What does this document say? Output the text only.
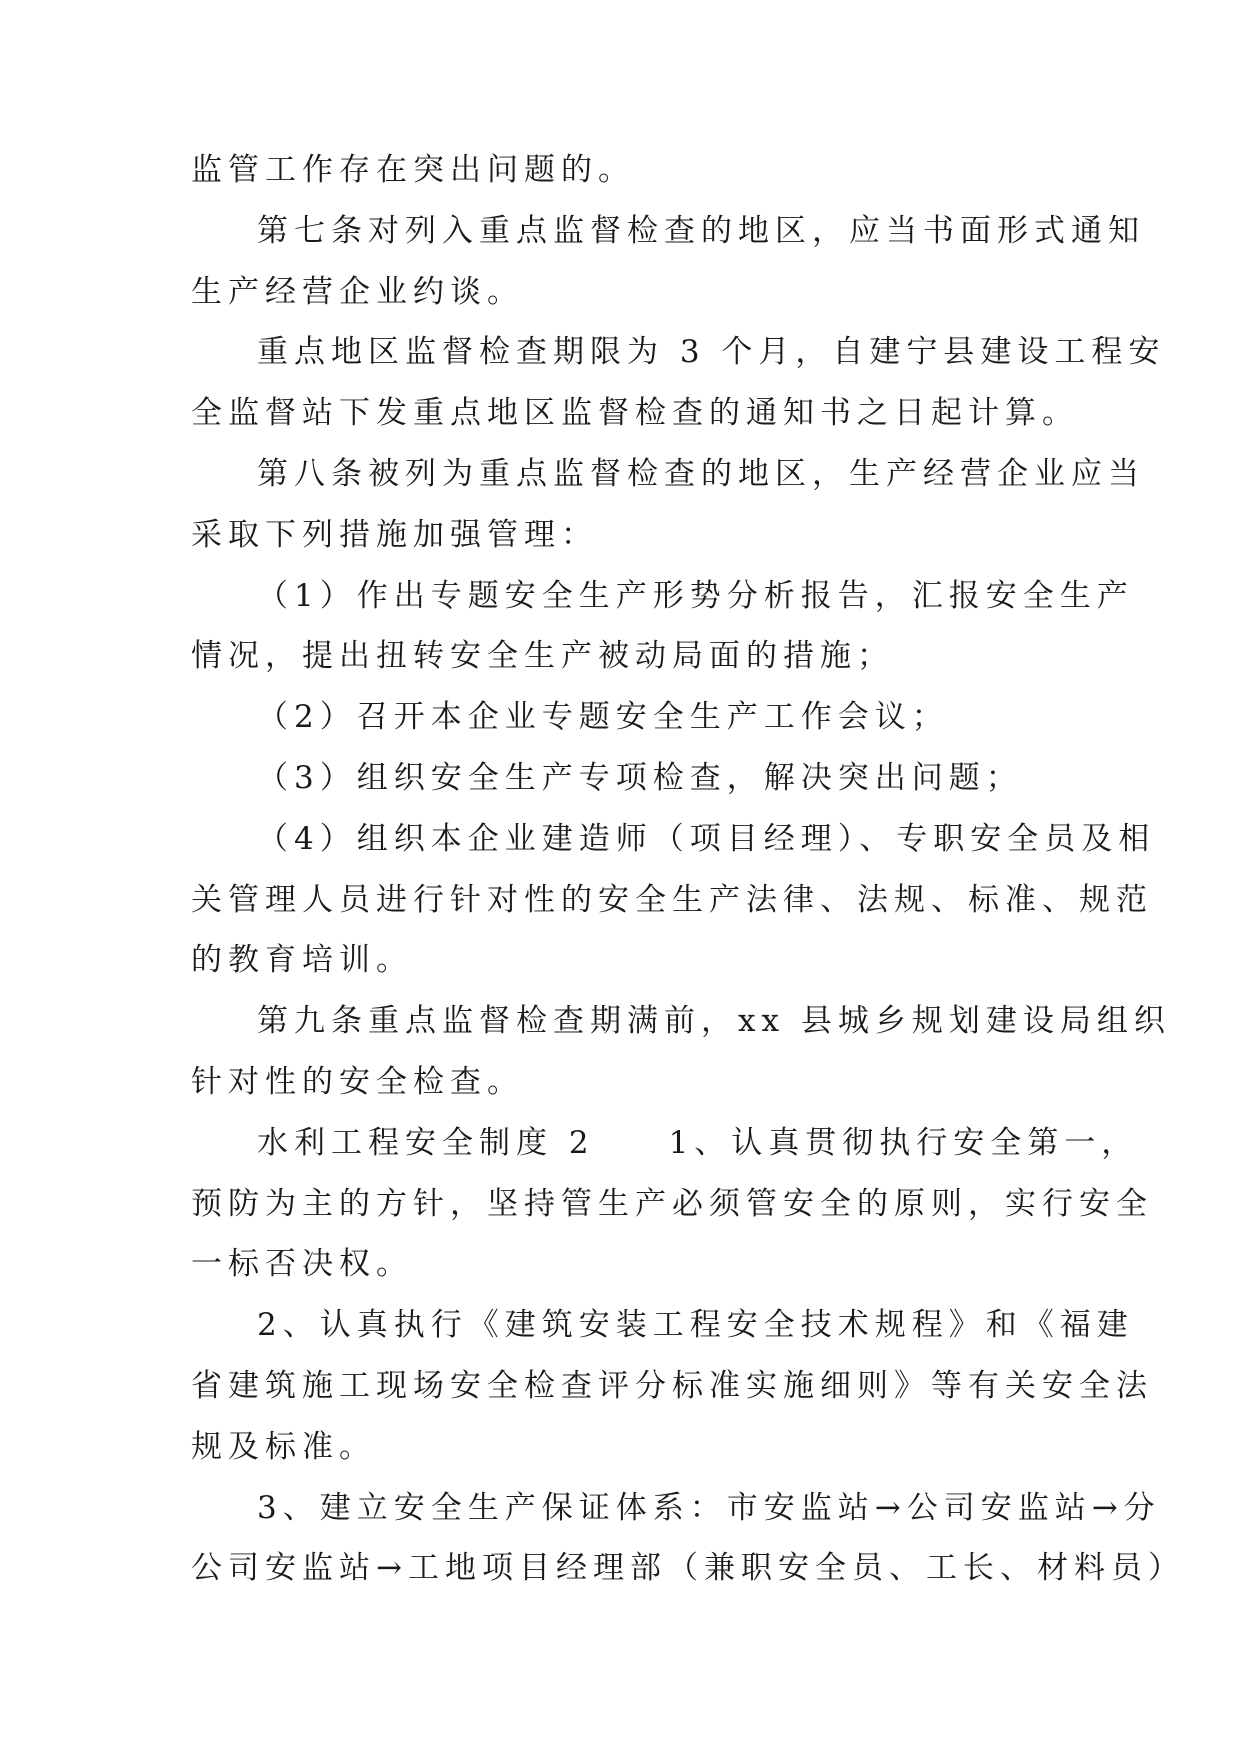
监管工作存在突出问题的。
第七条对列入重点监督检查的地区，应当书面形式通知
生产经营企业约谈。
重点地区监督检查期限为 3 个月，自建宁县建设工程安
全监督站下发重点地区监督检查的通知书之日起计算。
第八条被列为重点监督检查的地区，生产经营企业应当
采取下列措施加强管理：
（1）作出专题安全生产形势分析报告，汇报安全生产
情况，提出扭转安全生产被动局面的措施；
（2）召开本企业专题安全生产工作会议；
（3）组织安全生产专项检查，解决突出问题；
（4）组织本企业建造师（项目经理）、专职安全员及相
关管理人员进行针对性的安全生产法律、法规、标准、规范
的教育培训。
第九条重点监督检查期满前，xx 县城乡规划建设局组织
针对性的安全检查。
水利工程安全制度 2　　1、认真贯彻执行安全第一，
预防为主的方针，坚持管生产必须管安全的原则，实行安全
一标否决权。
2、认真执行《建筑安装工程安全技术规程》和《福建
省建筑施工现场安全检查评分标准实施细则》等有关安全法
规及标准。
3、建立安全生产保证体系：市安监站→公司安监站→分
公司安监站→工地项目经理部（兼职安全员、工长、材料员）
